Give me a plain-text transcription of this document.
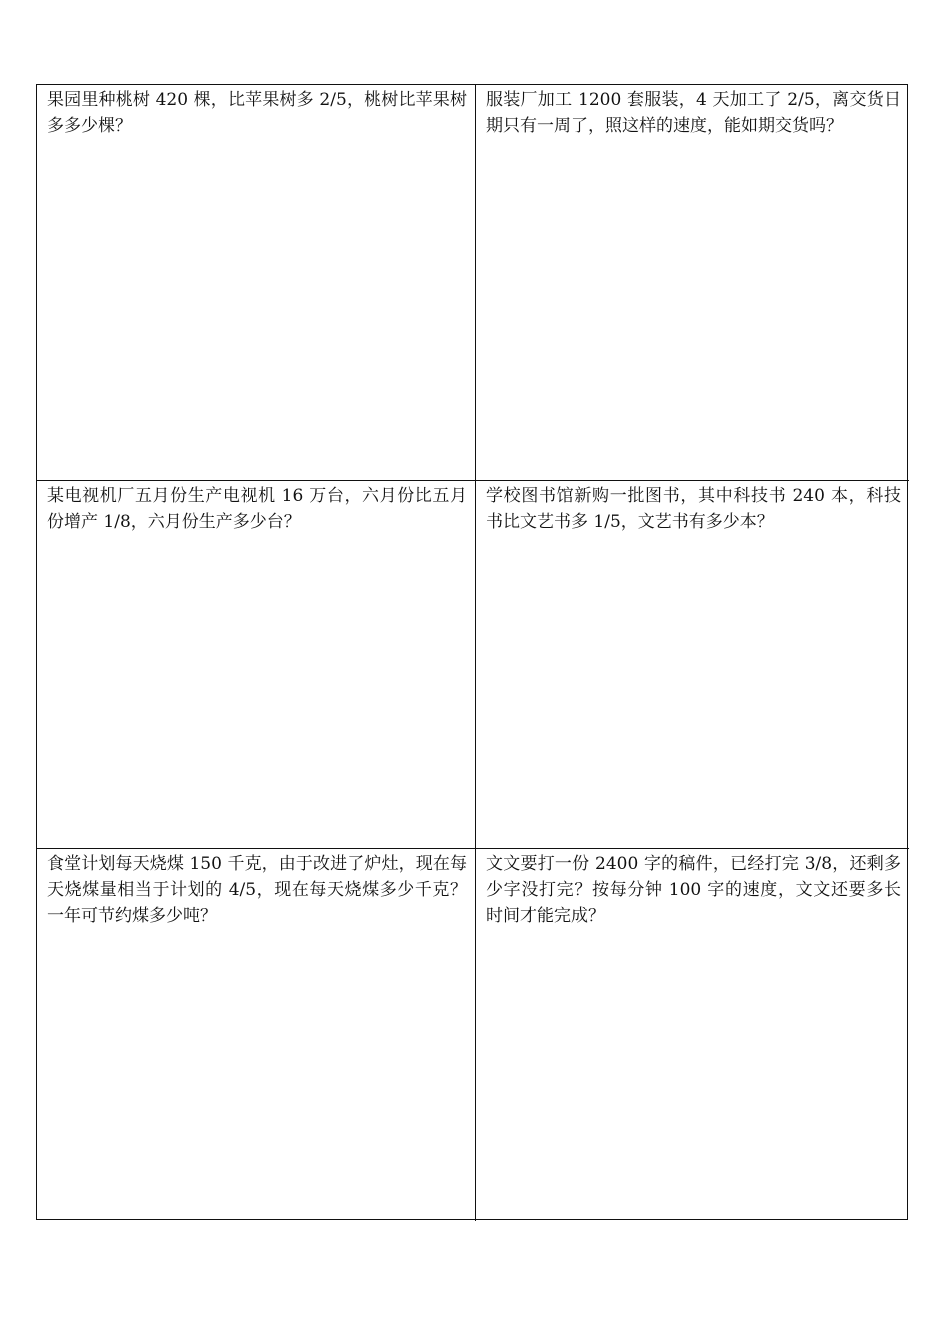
果园里种桃树 420 棵，比苹果树多 2/5，桃树比苹果树多多少棵？

服装厂加工 1200 套服装，4 天加工了 2/5，离交货日期只有一周了，照这样的速度，能如期交货吗？

某电视机厂五月份生产电视机 16 万台，六月份比五月份增产 1/8，六月份生产多少台？

学校图书馆新购一批图书，其中科技书 240 本，科技书比文艺书多 1/5，文艺书有多少本？

食堂计划每天烧煤 150 千克，由于改进了炉灶，现在每天烧煤量相当于计划的 4/5，现在每天烧煤多少千克？一年可节约煤多少吨？

文文要打一份 2400 字的稿件，已经打完 3/8，还剩多少字没打完？按每分钟 100 字的速度，文文还要多长时间才能完成？
